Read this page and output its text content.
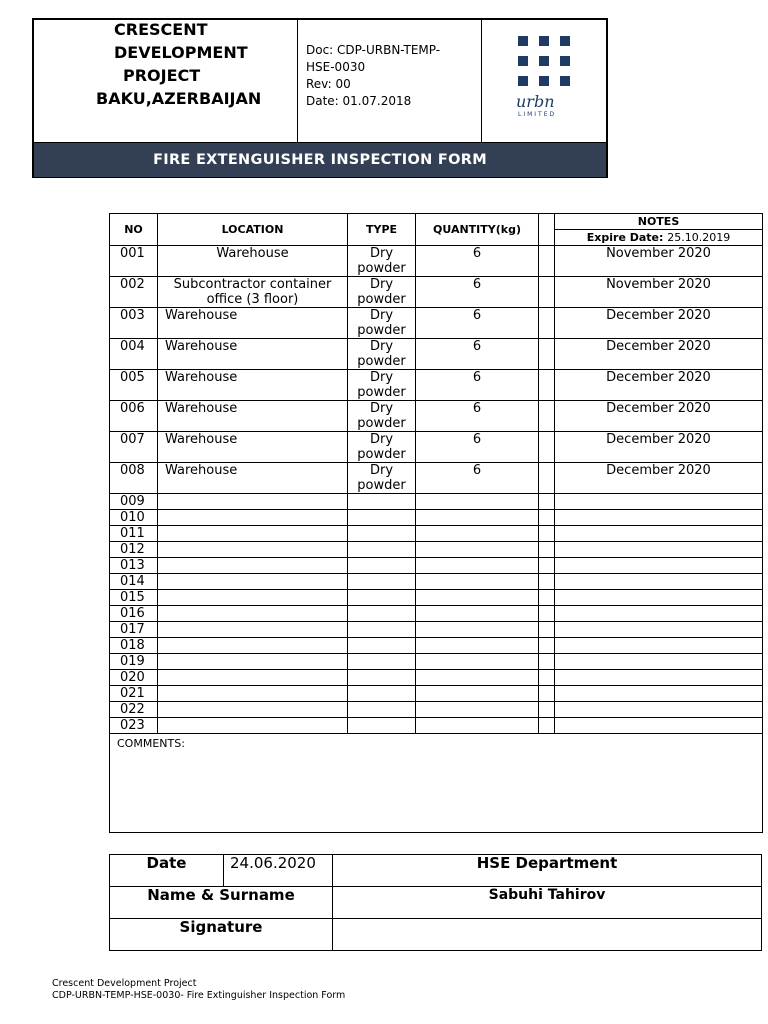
CRESCENT
DEVELOPMENT
PROJECT
BAKU,AZERBAIJAN
Doc: CDP-URBN-TEMP-
HSE-0030
Rev: 00
Date: 01.07.2018	urbn
LIMITED
FIRE EXTENGUISHER INSPECTION FORM
NO	LOCATION	TYPE	QUANTITY(kg)		
NOTES
Expire Date: 25.10.2019

001	Warehouse	Dry powder	6		November 2020
002	Subcontractor container office (3 floor)	Dry powder	6		November 2020
003	Warehouse	Dry powder	6		December 2020
004	Warehouse	Dry powder	6		December 2020
005	Warehouse	Dry powder	6		December 2020
006	Warehouse	Dry powder	6		December 2020
007	Warehouse	Dry powder	6		December 2020
008	Warehouse	Dry powder	6		December 2020
009					
010					
011					
012					
013					
014					
015					
016					
017					
018					
019					
020					
021					
022					
023					
COMMENTS:
Date	24.06.2020	HSE Department
Name & Surname		Sabuhi Tahirov
Signature		
Crescent Development Project
CDP-URBN-TEMP-HSE-0030- Fire Extinguisher Inspection Form
